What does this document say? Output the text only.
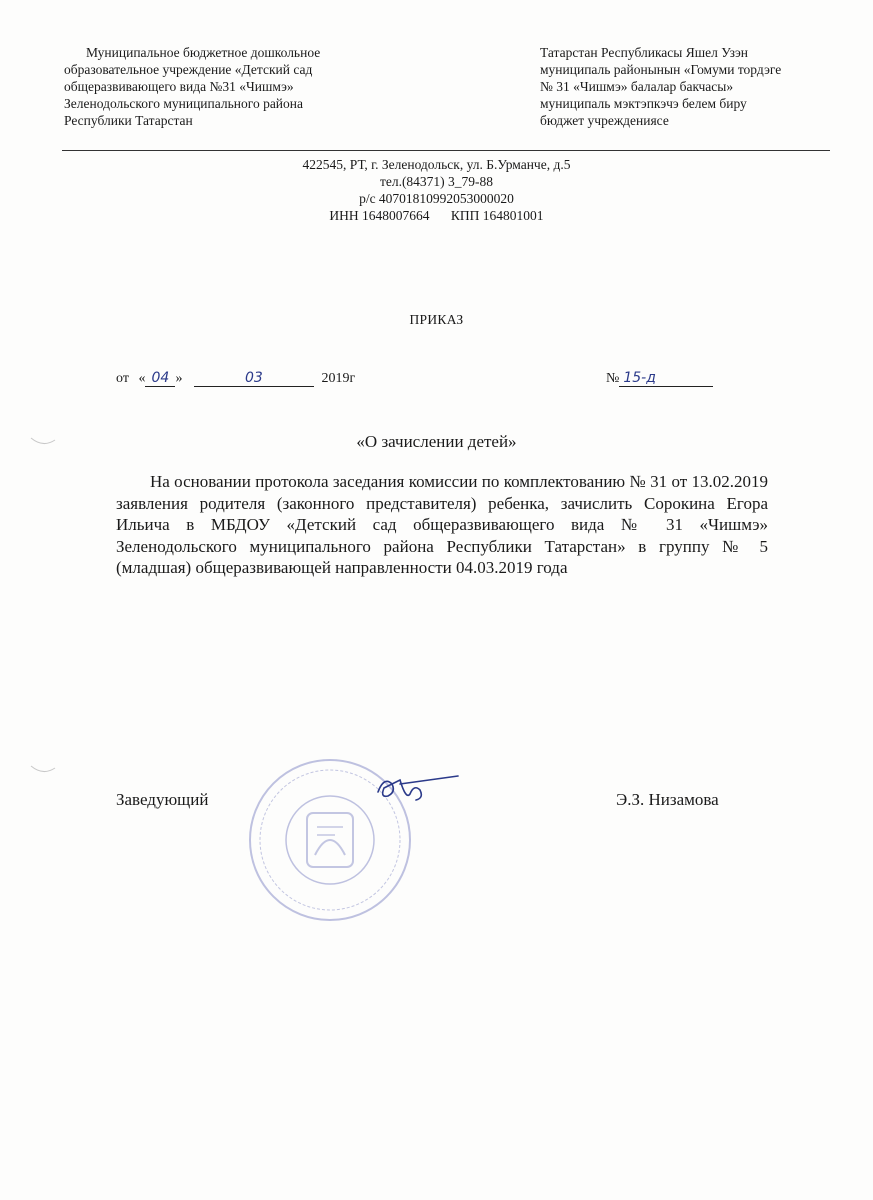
Муниципальное бюджетное дошкольное
образовательное учреждение «Детский сад
общеразвивающего вида №31 «Чишмэ»
Зеленодольского муниципального района
Республики Татарстан
Татарстан Республикасы Яшел Узэн
муниципаль районынын «Гомуми тордэге
№ 31 «Чишмэ» балалар бакчасы»
муниципаль мэктэпкэчэ белем биру
бюджет учреждениясе
422545, РТ, г. Зеленодольск, ул. Б.Урманче, д.5
тел.(84371) 3_79-88
р/с 40701810992053000020
ИНН 1648007664 КПП 164801001
ПРИКАЗ
от « 04 »	03	2019г	№ 15-д
«О зачислении детей»

На основании протокола заседания комиссии по комплектованию № 31 от 13.02.2019 заявления родителя (законного представителя) ребенка, зачислить Сорокина Егора Ильича в МБДОУ «Детский сад общеразвивающего вида № 31 «Чишмэ» Зеленодольского муниципального района Республики Татарстан» в группу № 5 (младшая) общеразвивающей направленности 04.03.2019 года

Заведующий	Э.З. Низамова
